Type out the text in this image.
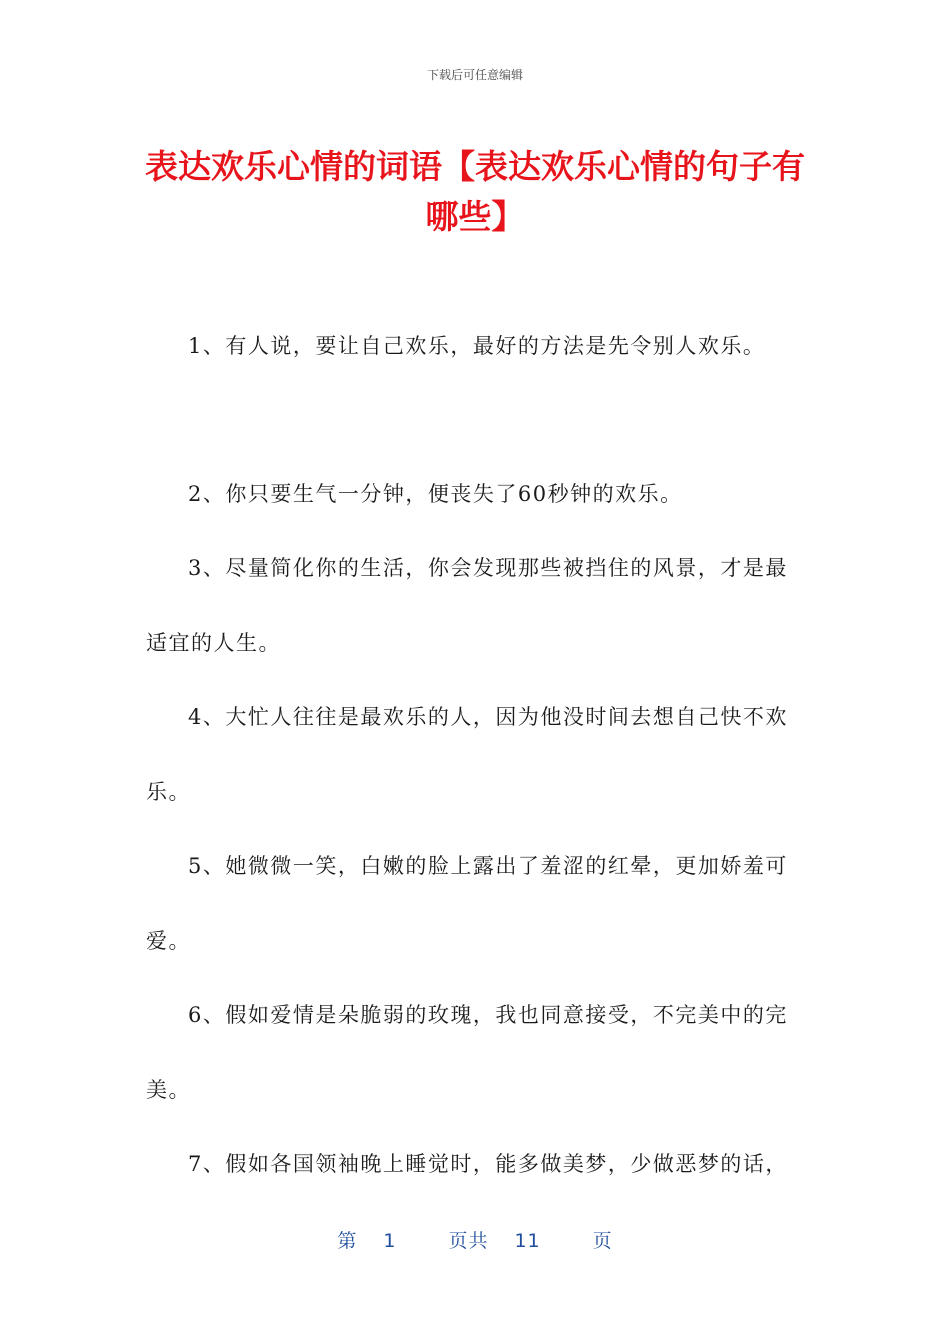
下载后可任意编辑
表达欢乐心情的词语【表达欢乐心情的句子有哪些】

1、有人说，要让自己欢乐，最好的方法是先令别人欢乐。

2、你只要生气一分钟，便丧失了60秒钟的欢乐。

3、尽量简化你的生活，你会发现那些被挡住的风景，才是最适宜的人生。

4、大忙人往往是最欢乐的人，因为他没时间去想自己快不欢乐。

5、她微微一笑，白嫩的脸上露出了羞涩的红晕，更加娇羞可爱。

6、假如爱情是朵脆弱的玫瑰，我也同意接受，不完美中的完美。

7、假如各国领袖晚上睡觉时，能多做美梦，少做恶梦的话，

第 1	页共 11	页
